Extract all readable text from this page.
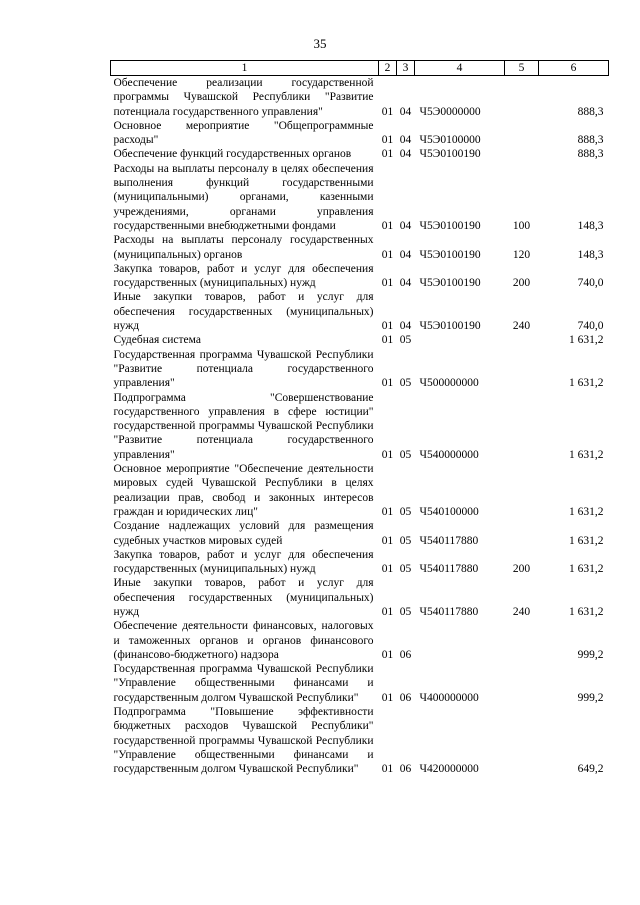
35
1	2	3	4	5	6
Обеспечение реализации государственной программы Чувашской Республики "Развитие потенциала государственного управления"	01	04	Ч5Э0000000		888,3
Основное мероприятие "Общепрограммные расходы"	01	04	Ч5Э0100000		888,3
Обеспечение функций государственных органов	01	04	Ч5Э0100190		888,3
Расходы на выплаты персоналу в целях обеспечения выполнения функций государственными (муниципальными) органами, казенными учреждениями, органами управления государственными внебюджетными фондами	01	04	Ч5Э0100190	100	148,3
Расходы на выплаты персоналу государственных (муниципальных) органов	01	04	Ч5Э0100190	120	148,3
Закупка товаров, работ и услуг для обеспечения государственных (муниципальных) нужд	01	04	Ч5Э0100190	200	740,0
Иные закупки товаров, работ и услуг для обеспечения государственных (муниципальных) нужд	01	04	Ч5Э0100190	240	740,0
Судебная система	01	05			1 631,2
Государственная программа Чувашской Республики "Развитие потенциала государственного управления"	01	05	Ч500000000		1 631,2
Подпрограмма "Совершенствование государственного управления в сфере юстиции" государственной программы Чувашской Республики "Развитие потенциала государственного управления"	01	05	Ч540000000		1 631,2
Основное мероприятие "Обеспечение деятельности мировых судей Чувашской Республики в целях реализации прав, свобод и законных интересов граждан и юридических лиц"	01	05	Ч540100000		1 631,2
Создание надлежащих условий для размещения судебных участков мировых судей	01	05	Ч540117880		1 631,2
Закупка товаров, работ и услуг для обеспечения государственных (муниципальных) нужд	01	05	Ч540117880	200	1 631,2
Иные закупки товаров, работ и услуг для обеспечения государственных (муниципальных) нужд	01	05	Ч540117880	240	1 631,2
Обеспечение деятельности финансовых, налоговых и таможенных органов и органов финансового (финансово-бюджетного) надзора	01	06			999,2
Государственная программа Чувашской Республики "Управление общественными финансами и государственным долгом Чувашской Республики"	01	06	Ч400000000		999,2
Подпрограмма "Повышение эффективности бюджетных расходов Чувашской Республики" государственной программы Чувашской Республики "Управление общественными финансами и государственным долгом Чувашской Республики"	01	06	Ч420000000		649,2
